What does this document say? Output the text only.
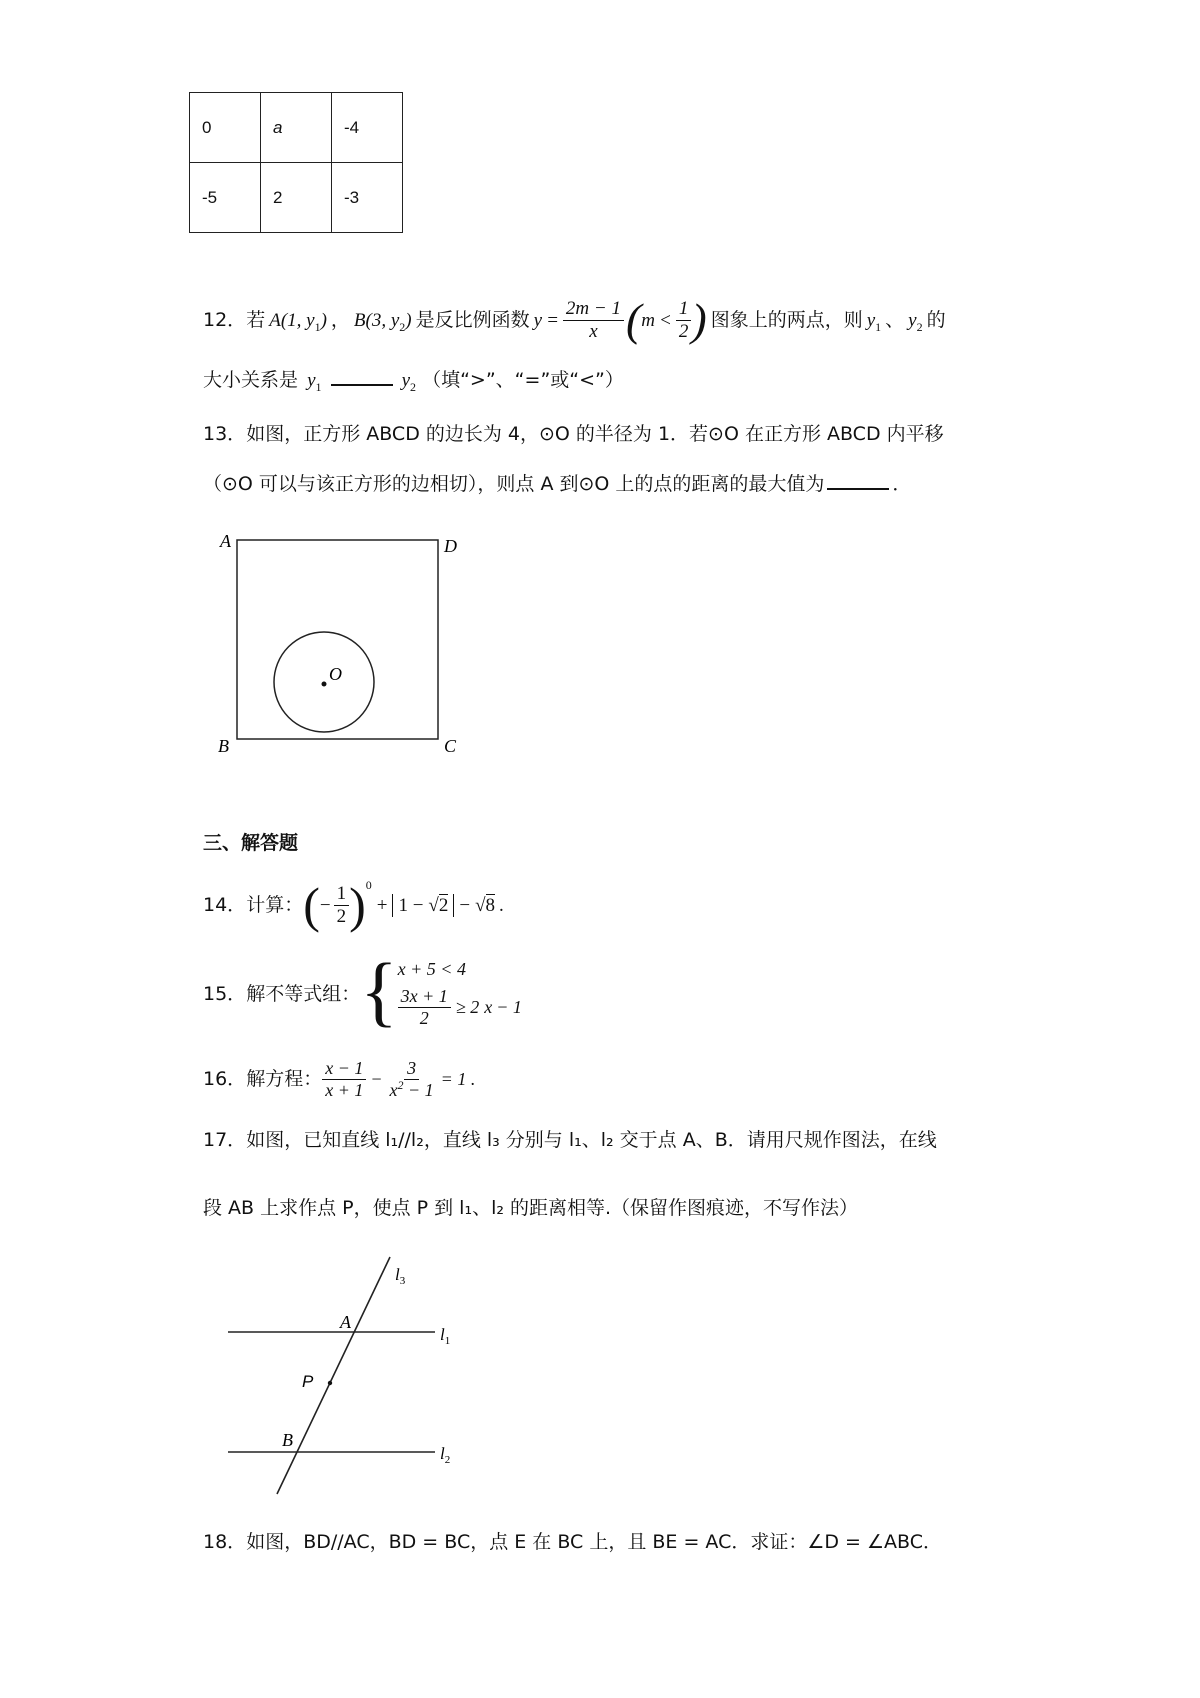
0	a	-4
-5	2	-3
12． 若 A(1, $y_1$) ， B(3, $y_2$) 是反比例函数 $y = \frac{2m - 1}{x}$ ( $m < \frac{1}{2}$ ) 图象上的两点，则 $y_1$ 、 $y_2$ 的
大小关系是 $y_1$	$y_2$ （填“>”、“=”或“<”）
13．如图，正方形 ABCD 的边长为 4，⊙O 的半径为 1．若⊙O 在正方形 ABCD 内平移
（⊙O 可以与该正方形的边相切），则点 A 到⊙O 上的点的距离的最大值为	．
A	D
B	C
O
三、解答题
14． 计算： ( − $\frac{1}{2}$ ) 0
+ 1 − √2 − √8 .
15． 解不等式组： { x + 5 < 4
$\frac{3x + 1}{2} \ge 2$ x − 1
16． 解方程： $\frac{x - 1}{x + 1} - \frac{3}{x^2 - 1} = 1$ .
17．如图，已知直线 l₁//l₂，直线 l₃ 分别与 l₁、l₂ 交于点 A、B．请用尺规作图法，在线
段 AB 上求作点 P，使点 P 到 l₁、l₂ 的距离相等.（保留作图痕迹，不写作法）
$l_3$
$l_1$
$l_2$
A
B
P
18．如图，BD//AC，BD = BC，点 E 在 BC 上，且 BE = AC．求证：∠D = ∠ABC．
